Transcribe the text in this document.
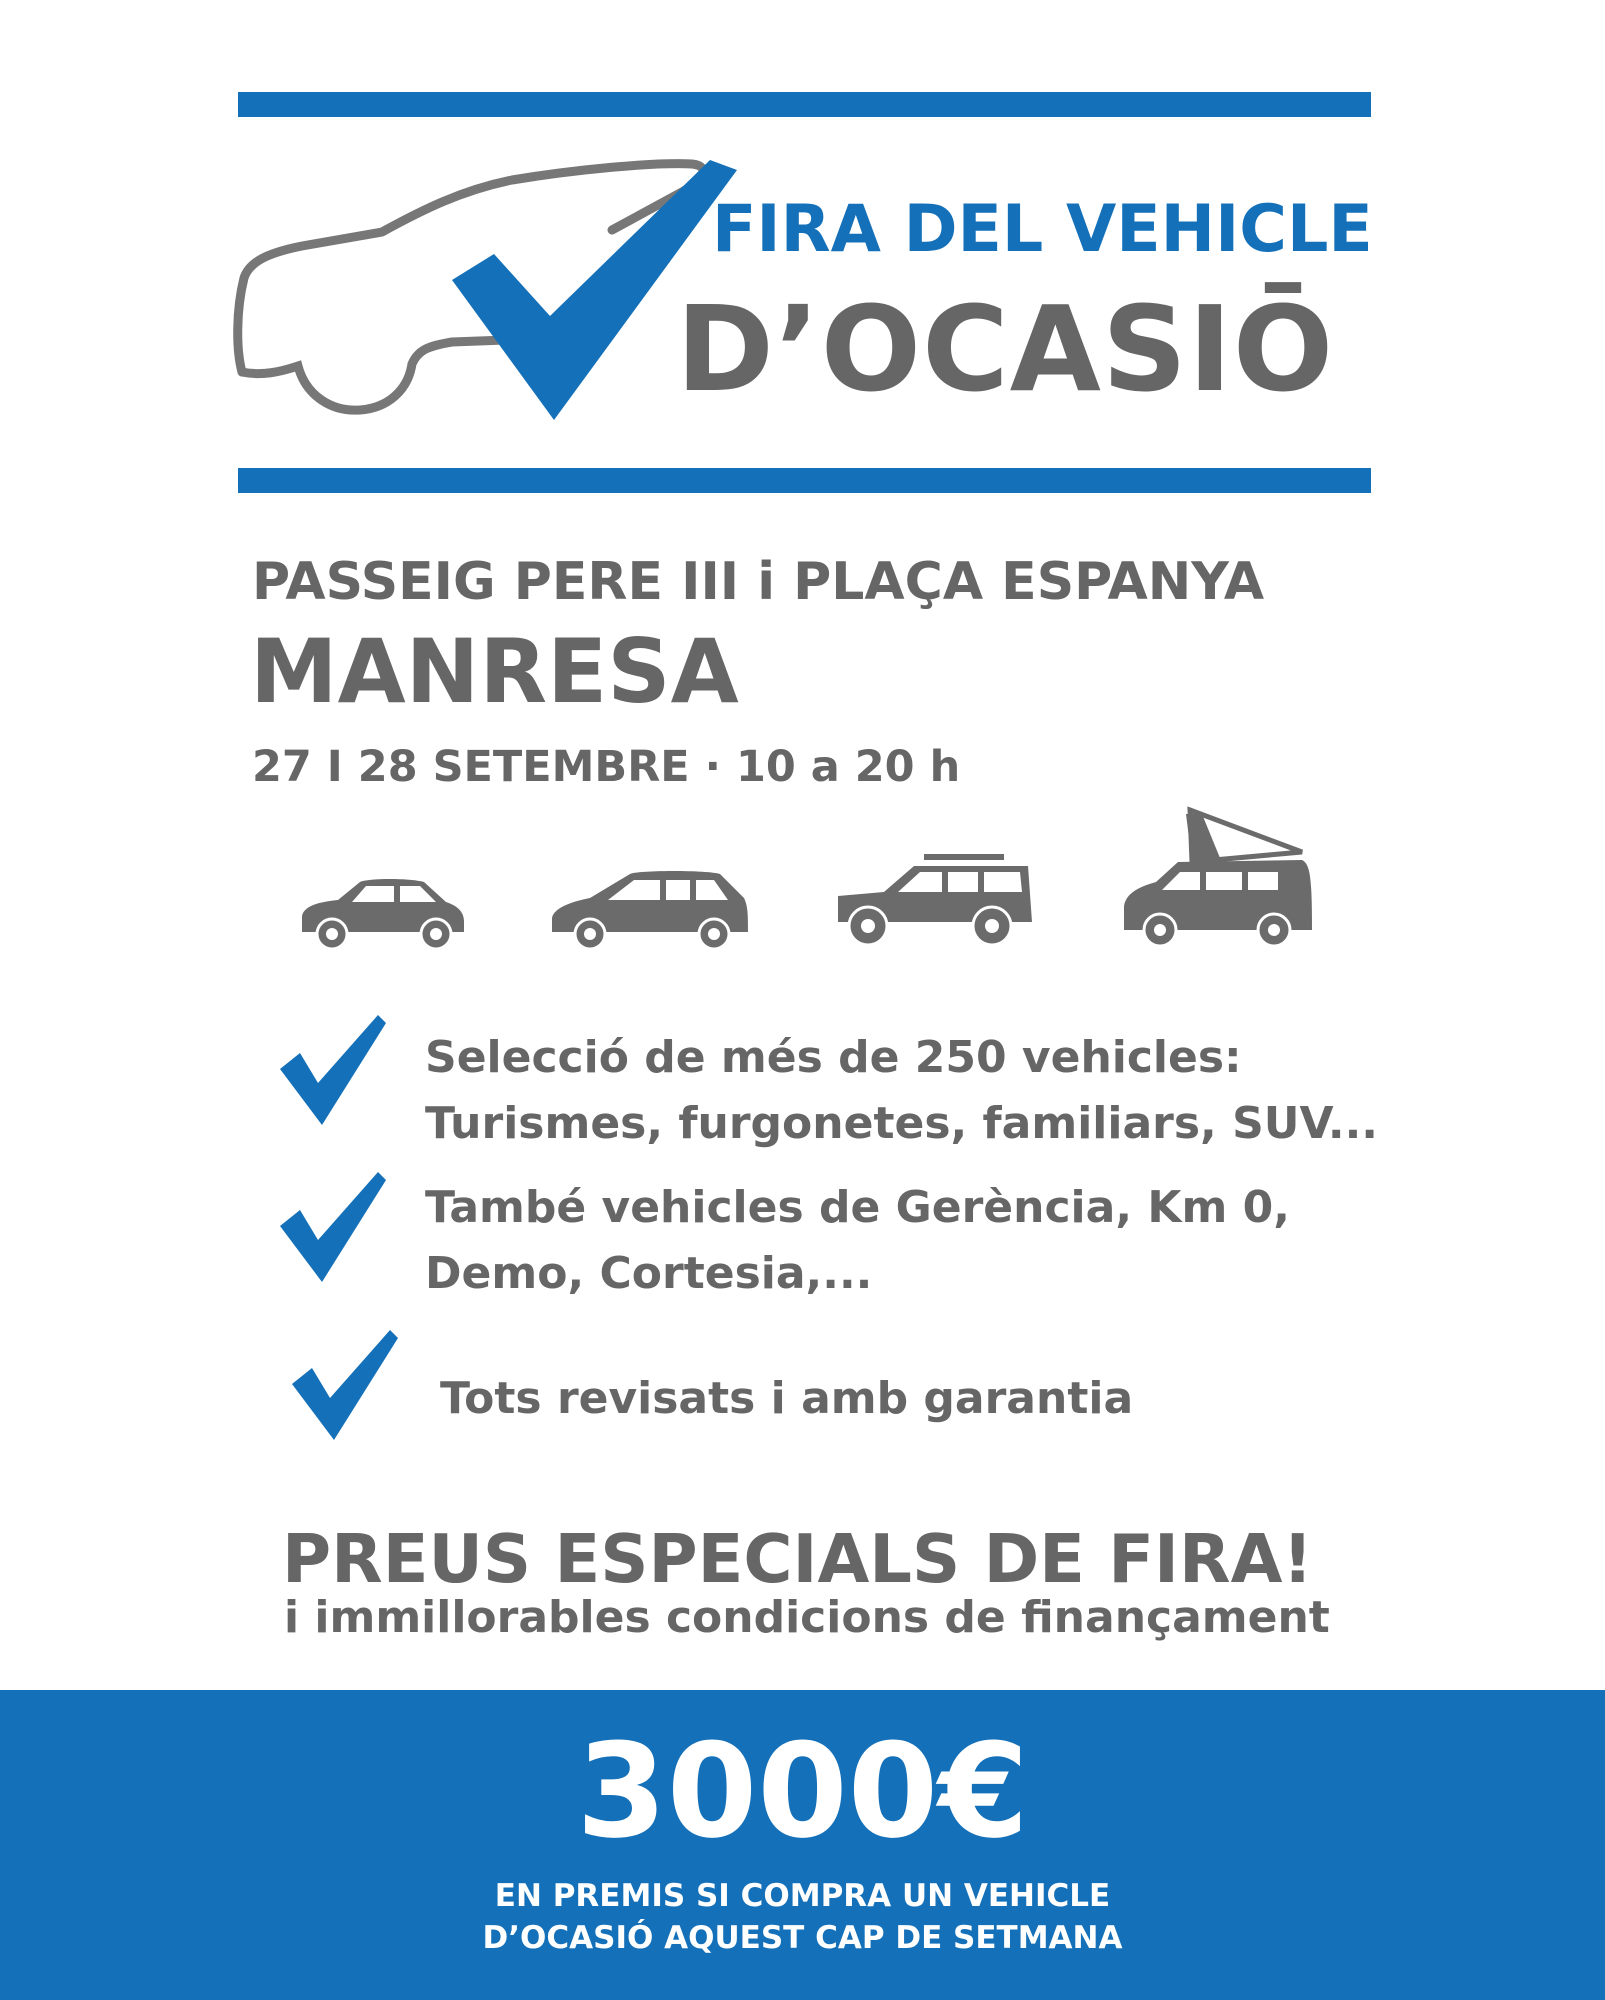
FIRA DEL VEHICLE
D’OCASIŌ
PASSEIG PERE III i PLAÇA ESPANYA
MANRESA
27 I 28 SETEMBRE · 10 a 20 h
Selecció de més de 250 vehicles:
Turismes, furgonetes, familiars, SUV...
També vehicles de Gerència, Km 0,
Demo, Cortesia,...
Tots revisats i amb garantia
PREUS ESPECIALS DE FIRA!
i immillorables condicions de finançament
3000€
EN PREMIS SI COMPRA UN VEHICLE
D’OCASIÓ AQUEST CAP DE SETMANA
